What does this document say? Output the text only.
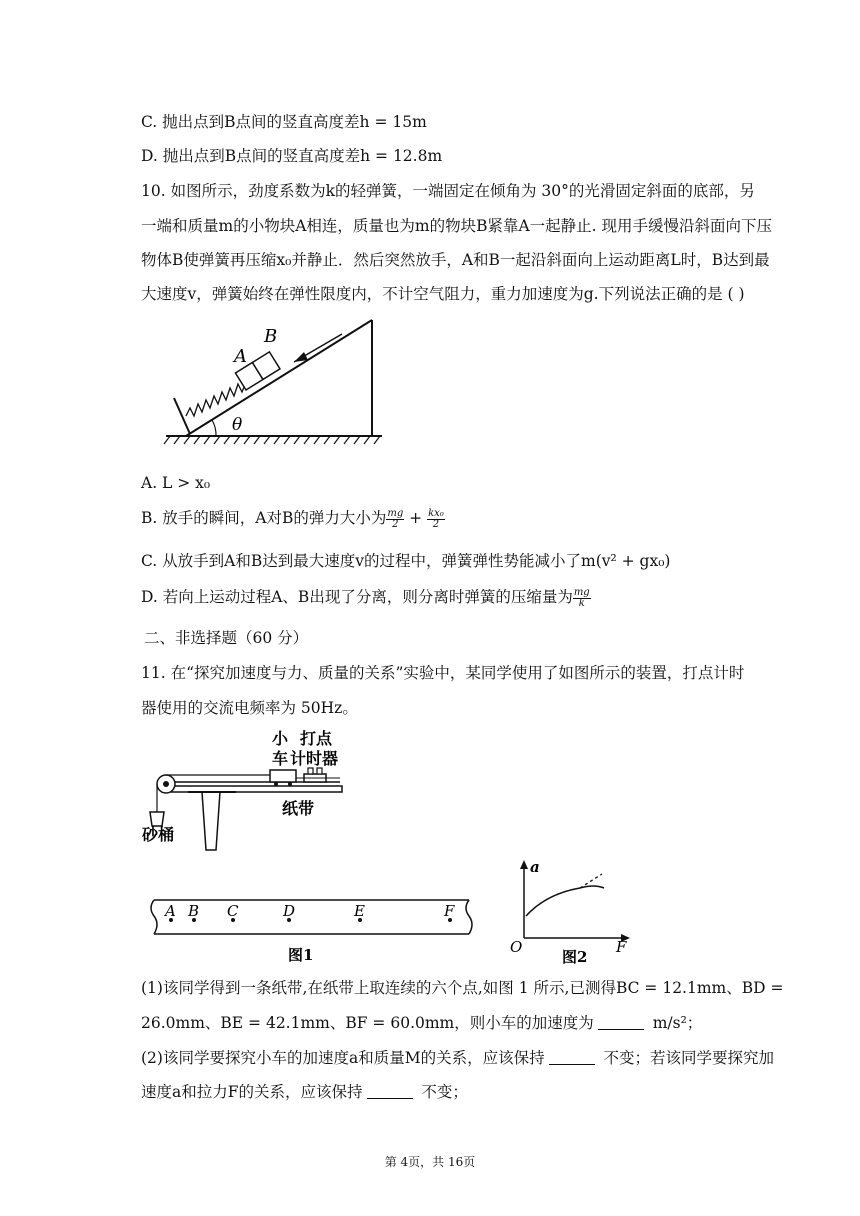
C. 抛出点到B点间的竖直高度差h = 15m
D. 抛出点到B点间的竖直高度差h = 12.8m
10. 如图所示，劲度系数为k的轻弹簧，一端固定在倾角为 30°的光滑固定斜面的底部，另
一端和质量m的小物块A相连，质量也为m的物块B紧靠A一起静止. 现用手缓慢沿斜面向下压
物体B使弹簧再压缩x₀并静止．然后突然放手，A和B一起沿斜面向上运动距离L时，B达到最
大速度v，弹簧始终在弹性限度内，不计空气阻力，重力加速度为g.下列说法正确的是 ( )
A
B
θ
A. L > x₀
B. 放手的瞬间，A对B的弹力大小为 $\frac{mg}{2} + \frac{\text{kx₀}}{2}$
C. 从放手到A和B达到最大速度v的过程中，弹簧弹性势能减小了m(v² + gx₀)
D. 若向上运动过程A、B出现了分离，则分离时弹簧的压缩量为 $\frac{mg}{k}$
二、非选择题（60 分）
11. 在“探究加速度与力、质量的关系”实验中，某同学使用了如图所示的装置，打点计时
器使用的交流电频率为 50Hz。
小
车
打点
计时器
纸带
砂桶
A B C	D	E	F
图1
a
O	F
图2
(1)该同学得到一条纸带,在纸带上取连续的六个点,如图 1 所示,已测得BC = 12.1mm、BD =
26.0mm、BE = 42.1mm、BF = 60.0mm，则小车的加速度为	m/s²；
(2)该同学要探究小车的加速度a和质量M的关系，应该保持	不变；若该同学要探究加
速度a和拉力F的关系，应该保持	不变；
第 4页，共 16页
